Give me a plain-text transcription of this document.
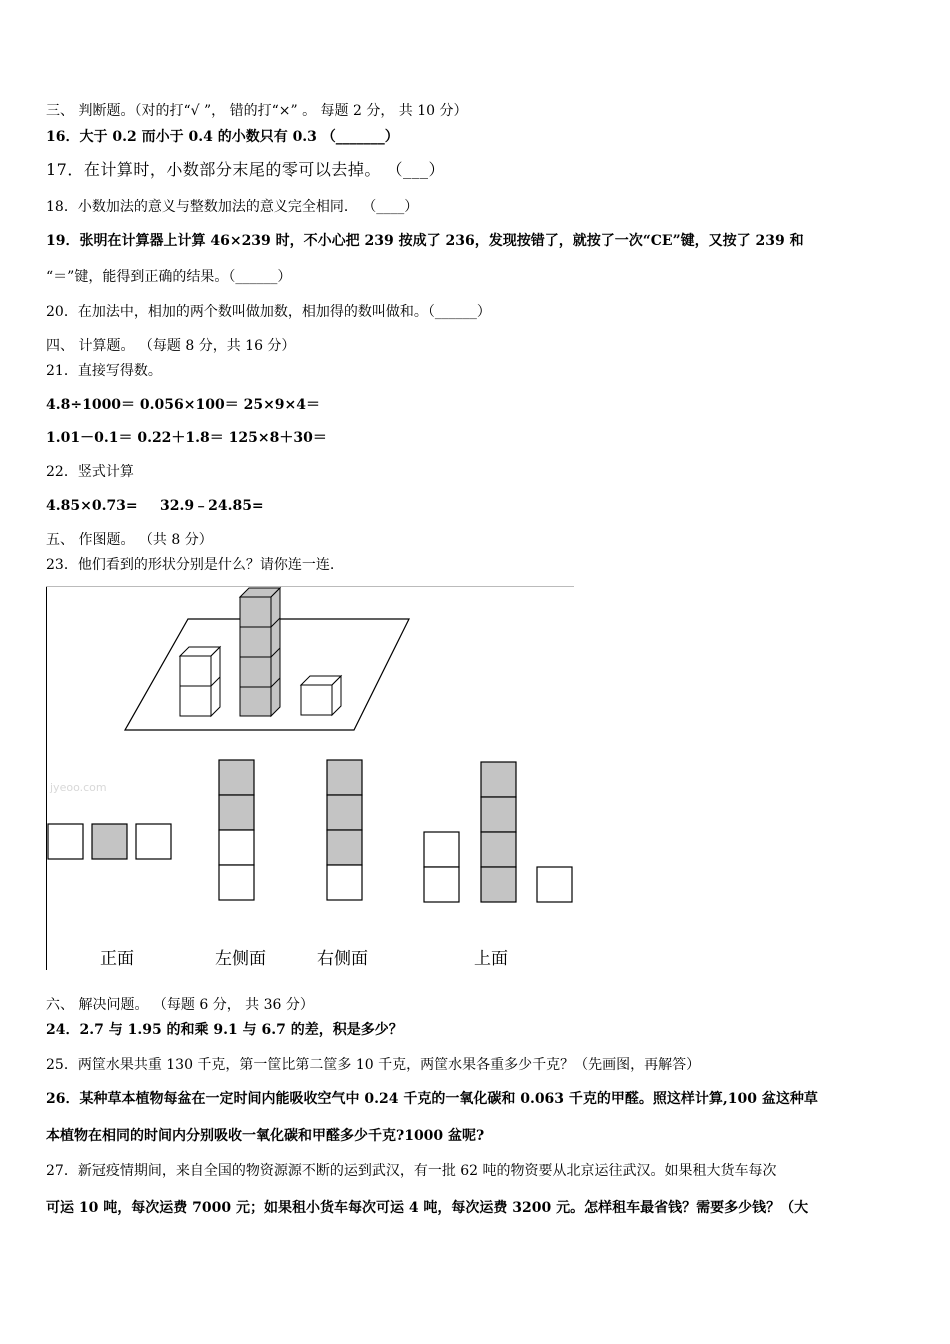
三、 判断题。（对的打“√ ”， 错的打“×” 。 每题 2 分， 共 10 分）

16．大于 0.2 而小于 0.4 的小数只有 0.3 （_______）

17．在计算时，小数部分末尾的零可以去掉。 （___）

18．小数加法的意义与整数加法的意义完全相同． （____）

19．张明在计算器上计算 46×239 时，不小心把 239 按成了 236，发现按错了，就按了一次“CE”键，又按了 239 和

“＝”键，能得到正确的结果。（______）

20．在加法中，相加的两个数叫做加数，相加得的数叫做和。（______）

四、 计算题。 （每题 8 分，共 16 分）

21．直接写得数。

4.8÷1000＝ 0.056×100＝ 25×9×4＝

1.01－0.1＝ 0.22＋1.8＝ 125×8＋30＝

22．竖式计算

4.85×0.73= 32.9﹣24.85=

五、 作图题。 （共 8 分）

23．他们看到的形状分别是什么？请你连一连.

jyeoo.com
正面	左侧面	右侧面	上面

六、 解决问题。 （每题 6 分， 共 36 分）

24．2.7 与 1.95 的和乘 9.1 与 6.7 的差，积是多少？

25．两筐水果共重 130 千克，第一筐比第二筐多 10 千克，两筐水果各重多少千克？（先画图，再解答）

26．某种草本植物每盆在一定时间内能吸收空气中 0.24 千克的一氧化碳和 0.063 千克的甲醛。照这样计算,100 盆这种草

本植物在相同的时间内分别吸收一氧化碳和甲醛多少千克?1000 盆呢?

27．新冠疫情期间，来自全国的物资源源不断的运到武汉，有一批 62 吨的物资要从北京运往武汉。如果租大货车每次

可运 10 吨，每次运费 7000 元；如果租小货车每次可运 4 吨，每次运费 3200 元。怎样租车最省钱？需要多少钱？（大
